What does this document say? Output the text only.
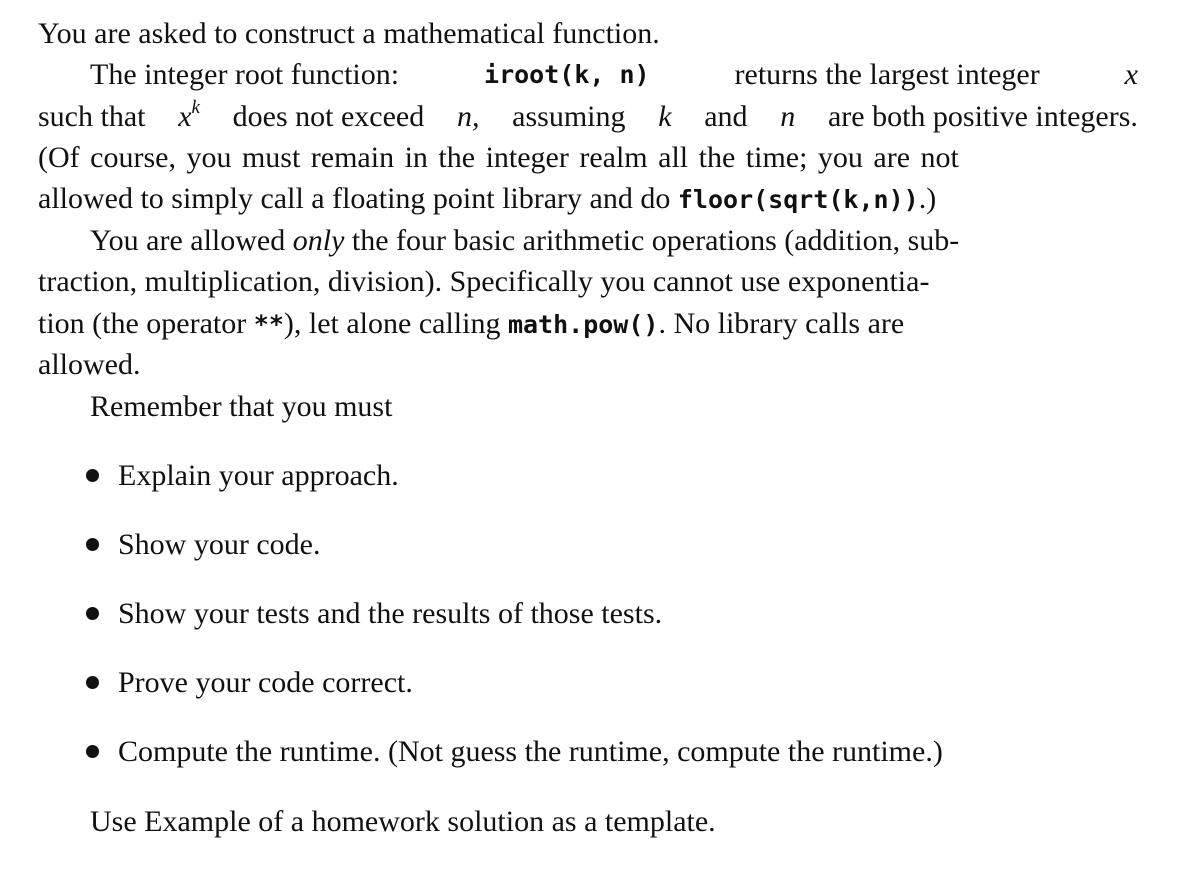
You are asked to construct a mathematical function.
The integer root function:	iroot(k, n)	returns the largest integer	x
such that $x^k$ does not exceed n, assuming k and n are both positive integers.
(Of course, you must remain in the integer realm all the time; you are not
allowed to simply call a floating point library and do floor(sqrt(k,n)).)
You are allowed only the four basic arithmetic operations (addition, sub-
traction, multiplication, division). Specifically you cannot use exponentia-
tion (the operator **), let alone calling math.pow(). No library calls are
allowed.
Remember that you must
Explain your approach.
Show your code.
Show your tests and the results of those tests.
Prove your code correct.
Compute the runtime. (Not guess the runtime, compute the runtime.)
Use Example of a homework solution as a template.
